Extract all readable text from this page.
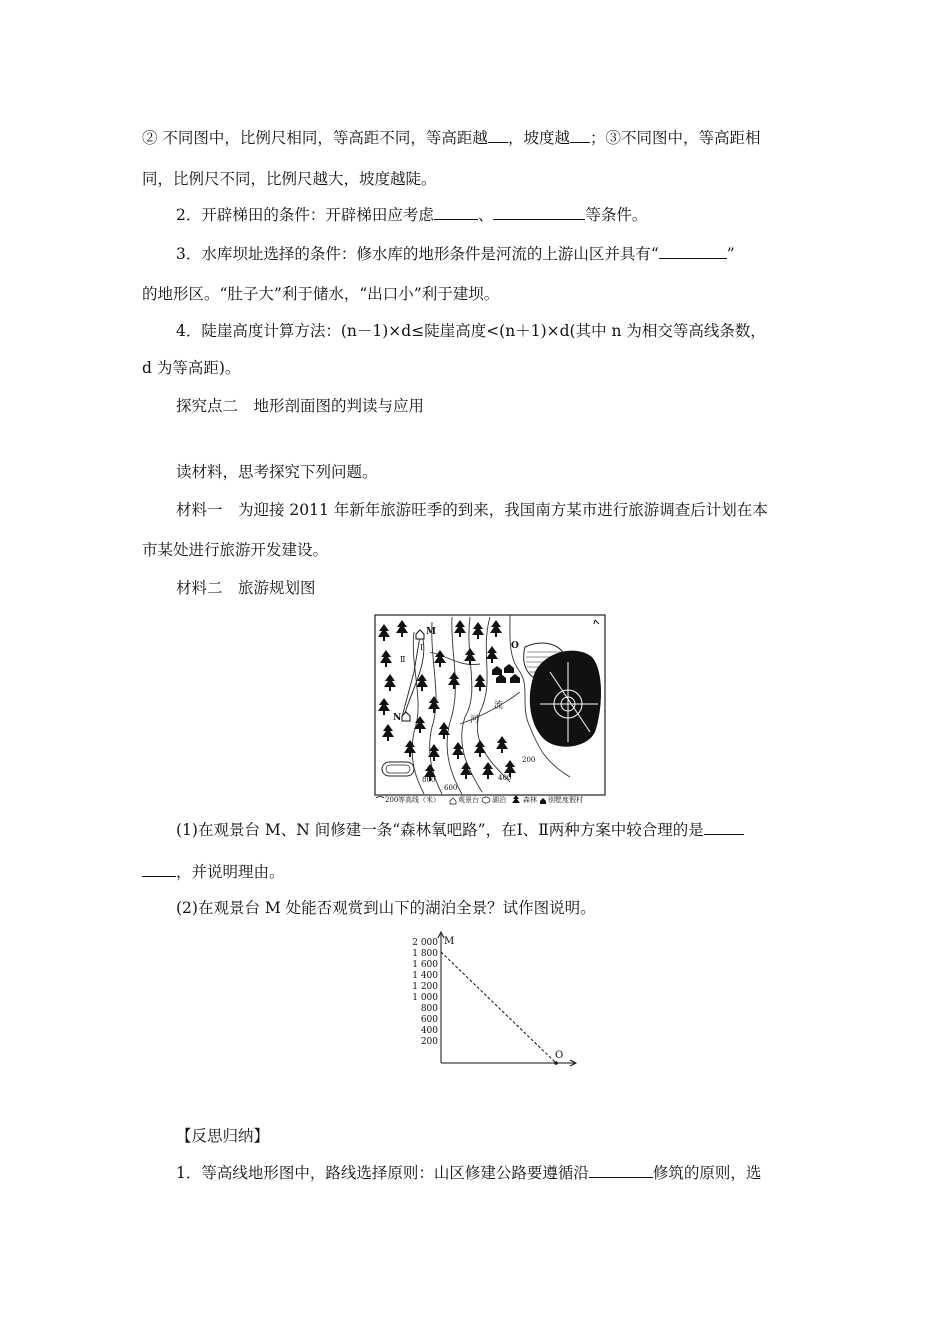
② 不同图中，比例尺相同，等高距不同，等高距越 ，坡度越 ；③不同图中，等高距相
同，比例尺不同，比例尺越大，坡度越陡。
2．开辟梯田的条件：开辟梯田应考虑	、	等条件。
3．水库坝址选择的条件：修水库的地形条件是河流的上游山区并具有“	”
的地形区。“肚子大”利于储水，“出口小”利于建坝。
4．陡崖高度计算方法：(n－1)×d≤陡崖高度<(n＋1)×d(其中 n 为相交等高线条数，
d 为等高距)。
探究点二　地形剖面图的判读与应用
读材料，思考探究下列问题。
材料一　为迎接 2011 年新年旅游旺季的到来，我国南方某市进行旅游调查后计划在本
市某处进行旅游开发建设。
材料二　旅游规划图
M
N
O
I
Ⅱ
流
河
800
600
400
200
200 等高线（米）	观景台 湖泊 森林 别墅度假村
(1)在观景台 M、N 间修建一条“森林氧吧路”，在Ⅰ、Ⅱ两种方案中较合理的是
，并说明理由。
(2)在观景台 M 处能否观赏到山下的湖泊全景？试作图说明。
2 000
1 800
1 600
1 400
1 200
1 000
800
600
400
200
M
O
【反思归纳】
1．等高线地形图中，路线选择原则：山区修建公路要遵循沿	修筑的原则，选
